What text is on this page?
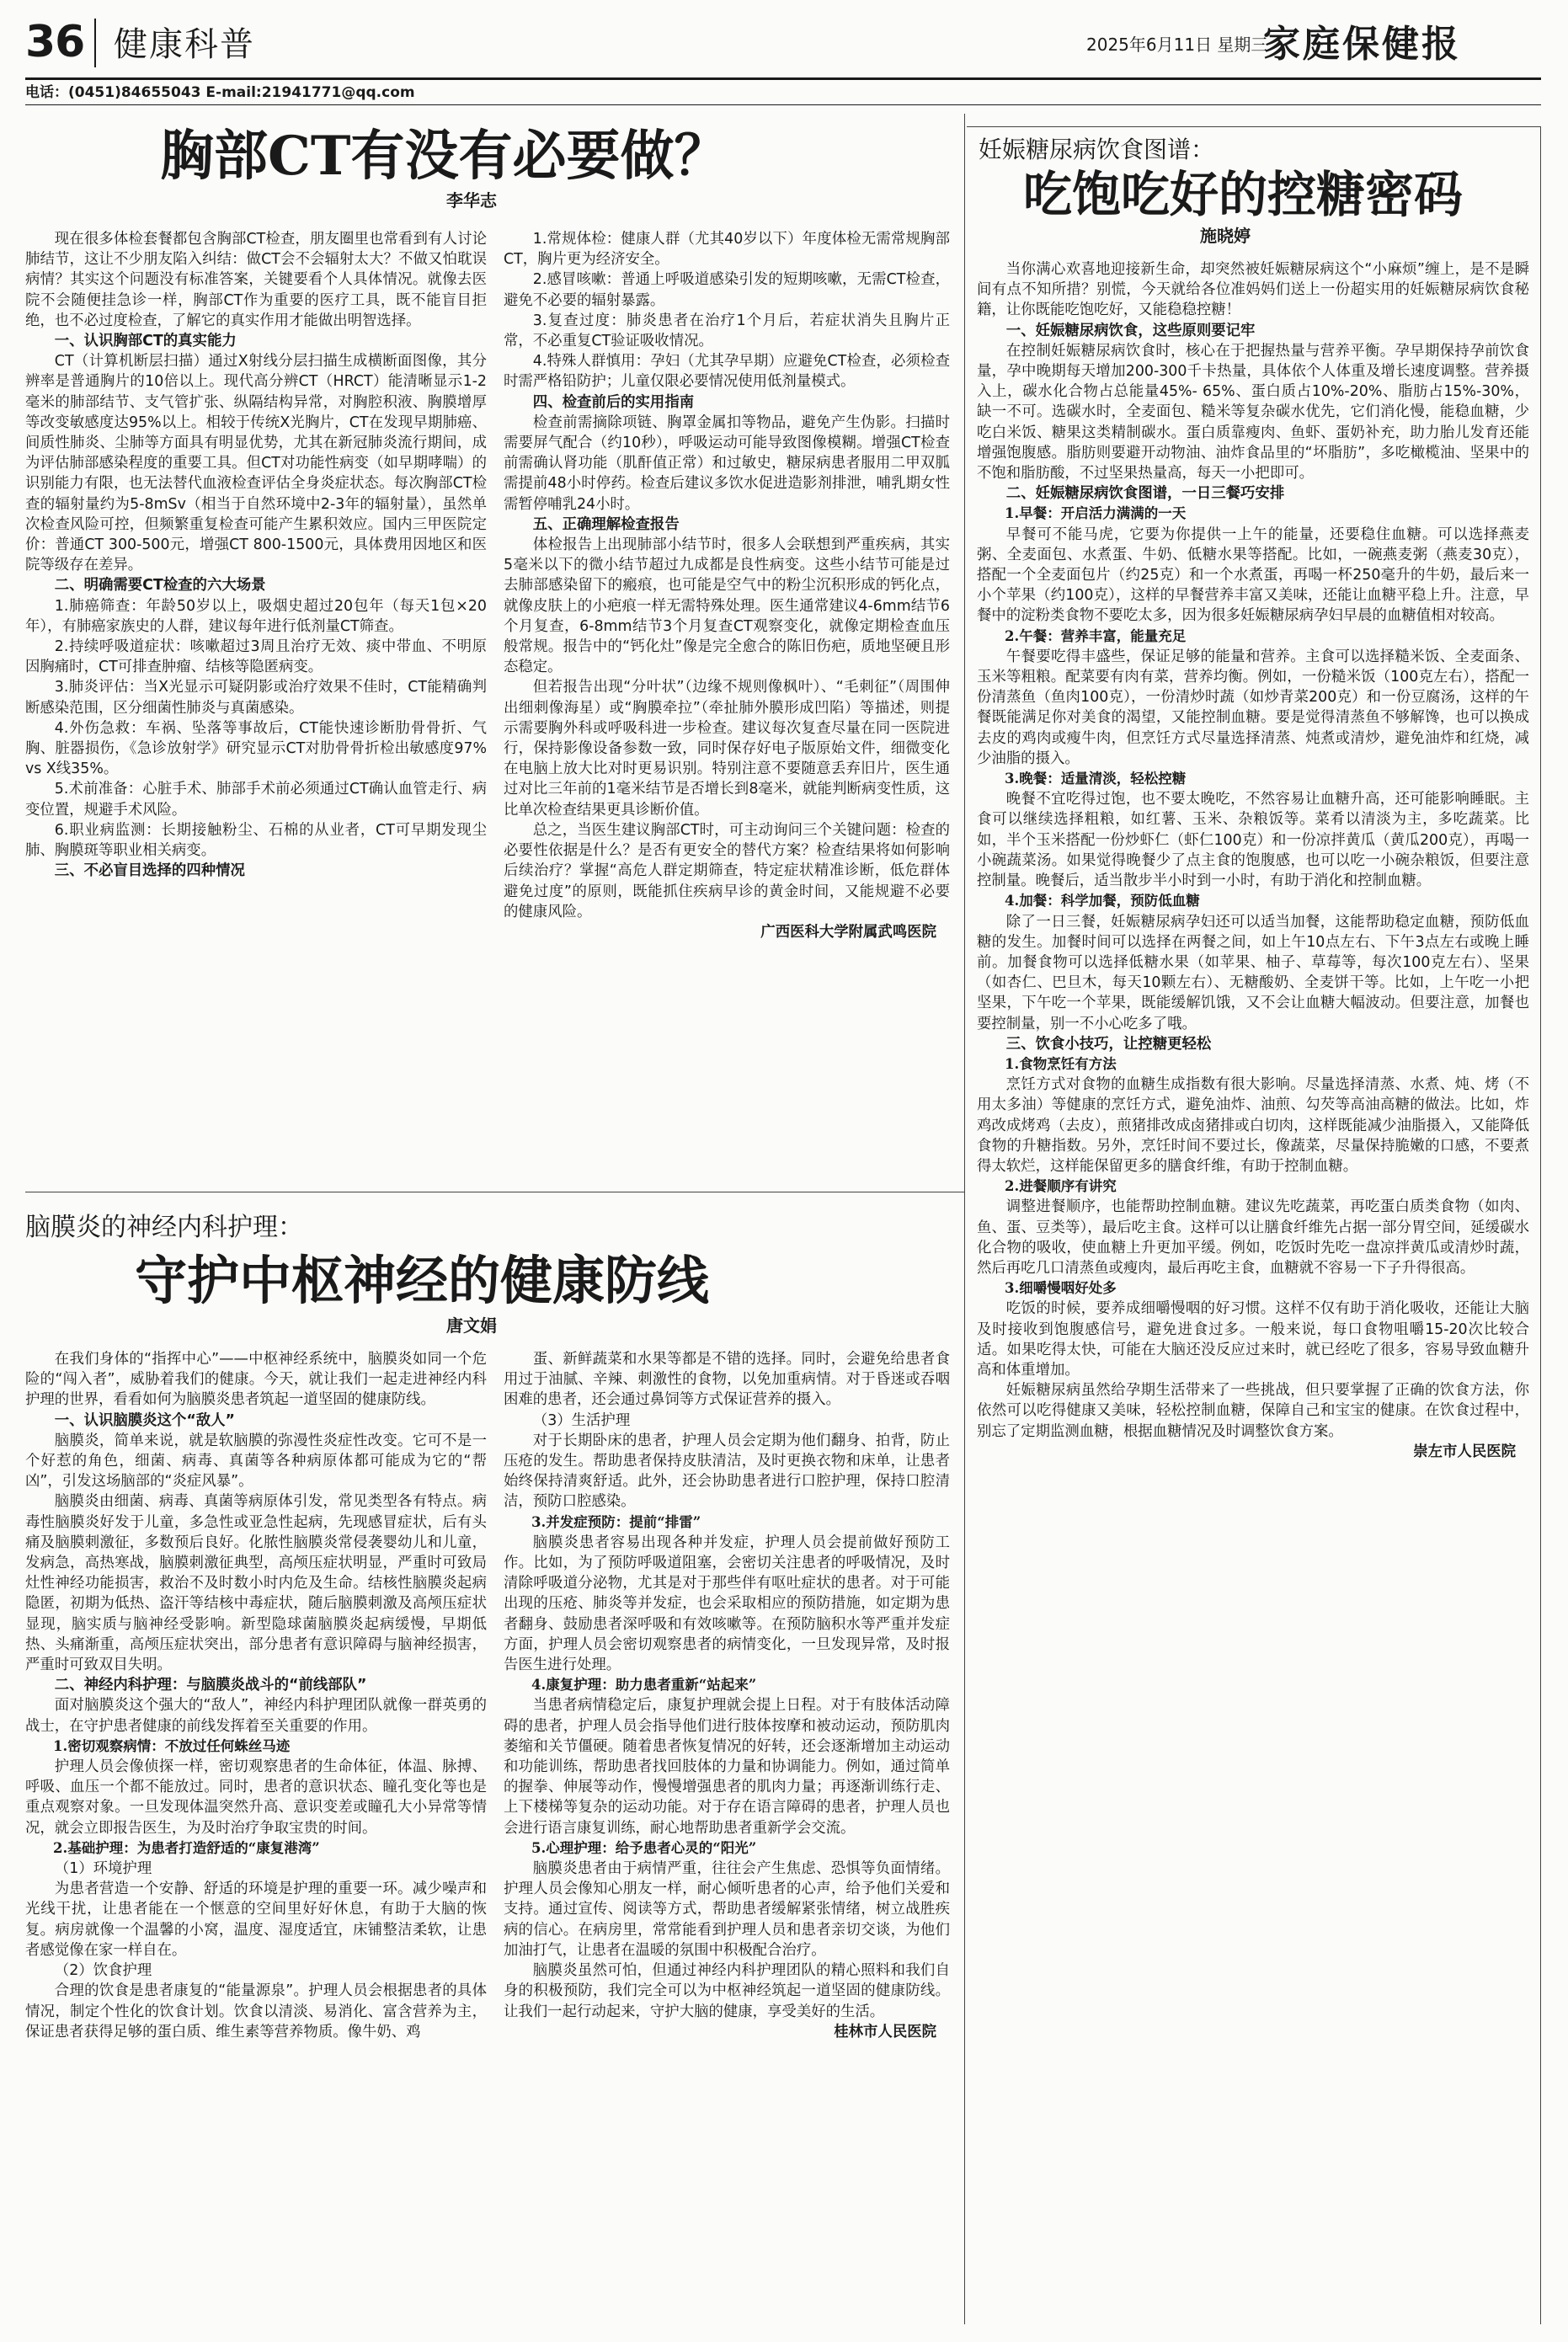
36 健康科普	2025年6月11日 星期三
家庭保健报
电话：(0451)84655043 E-mail:21941771@qq.com
胸部CT有没有必要做？
李华志

现在很多体检套餐都包含胸部CT检查，朋友圈里也常看到有人讨论肺结节，这让不少朋友陷入纠结：做CT会不会辐射太大？不做又怕耽误病情？其实这个问题没有标准答案，关键要看个人具体情况。就像去医院不会随便挂急诊一样，胸部CT作为重要的医疗工具，既不能盲目拒绝，也不必过度检查，了解它的真实作用才能做出明智选择。

一、认识胸部CT的真实能力

CT（计算机断层扫描）通过X射线分层扫描生成横断面图像，其分辨率是普通胸片的10倍以上。现代高分辨CT（HRCT）能清晰显示1-2毫米的肺部结节、支气管扩张、纵隔结构异常，对胸腔积液、胸膜增厚等改变敏感度达95%以上。相较于传统X光胸片，CT在发现早期肺癌、间质性肺炎、尘肺等方面具有明显优势，尤其在新冠肺炎流行期间，成为评估肺部感染程度的重要工具。但CT对功能性病变（如早期哮喘）的识别能力有限，也无法替代血液检查评估全身炎症状态。每次胸部CT检查的辐射量约为5-8mSv（相当于自然环境中2-3年的辐射量），虽然单次检查风险可控，但频繁重复检查可能产生累积效应。国内三甲医院定价：普通CT 300-500元，增强CT 800-1500元，具体费用因地区和医院等级存在差异。

二、明确需要CT检查的六大场景

1.肺癌筛查：年龄50岁以上，吸烟史超过20包年（每天1包×20年），有肺癌家族史的人群，建议每年进行低剂量CT筛查。

2.持续呼吸道症状：咳嗽超过3周且治疗无效、痰中带血、不明原因胸痛时，CT可排查肿瘤、结核等隐匿病变。

3.肺炎评估：当X光显示可疑阴影或治疗效果不佳时，CT能精确判断感染范围，区分细菌性肺炎与真菌感染。

4.外伤急救：车祸、坠落等事故后，CT能快速诊断肋骨骨折、气胸、脏器损伤，《急诊放射学》研究显示CT对肋骨骨折检出敏感度97% vs X线35%。

5.术前准备：心脏手术、肺部手术前必须通过CT确认血管走行、病变位置，规避手术风险。

6.职业病监测：长期接触粉尘、石棉的从业者，CT可早期发现尘肺、胸膜斑等职业相关病变。

三、不必盲目选择的四种情况

1.常规体检：健康人群（尤其40岁以下）年度体检无需常规胸部CT，胸片更为经济安全。

2.感冒咳嗽：普通上呼吸道感染引发的短期咳嗽，无需CT检查，避免不必要的辐射暴露。

3.复查过度：肺炎患者在治疗1个月后，若症状消失且胸片正常，不必重复CT验证吸收情况。

4.特殊人群慎用：孕妇（尤其孕早期）应避免CT检查，必须检查时需严格铅防护；儿童仅限必要情况使用低剂量模式。

四、检查前后的实用指南

检查前需摘除项链、胸罩金属扣等物品，避免产生伪影。扫描时需要屏气配合（约10秒），呼吸运动可能导致图像模糊。增强CT检查前需确认肾功能（肌酐值正常）和过敏史，糖尿病患者服用二甲双胍需提前48小时停药。检查后建议多饮水促进造影剂排泄，哺乳期女性需暂停哺乳24小时。

五、正确理解检查报告

体检报告上出现肺部小结节时，很多人会联想到严重疾病，其实5毫米以下的微小结节超过九成都是良性病变。这些小结节可能是过去肺部感染留下的瘢痕，也可能是空气中的粉尘沉积形成的钙化点，就像皮肤上的小疤痕一样无需特殊处理。医生通常建议4-6mm结节6个月复查，6-8mm结节3个月复查CT观察变化，就像定期检查血压般常规。报告中的“钙化灶”像是完全愈合的陈旧伤疤，质地坚硬且形态稳定。

但若报告出现“分叶状”（边缘不规则像枫叶）、“毛刺征”（周围伸出细刺像海星）或“胸膜牵拉”（牵扯肺外膜形成凹陷）等描述，则提示需要胸外科或呼吸科进一步检查。建议每次复查尽量在同一医院进行，保持影像设备参数一致，同时保存好电子版原始文件，细微变化在电脑上放大比对时更易识别。特别注意不要随意丢弃旧片，医生通过对比三年前的1毫米结节是否增长到8毫米，就能判断病变性质，这比单次检查结果更具诊断价值。

总之，当医生建议胸部CT时，可主动询问三个关键问题：检查的必要性依据是什么？是否有更安全的替代方案？检查结果将如何影响后续治疗？掌握“高危人群定期筛查，特定症状精准诊断，低危群体避免过度”的原则，既能抓住疾病早诊的黄金时间，又能规避不必要的健康风险。

广西医科大学附属武鸣医院

脑膜炎的神经内科护理：
守护中枢神经的健康防线
唐文娟

在我们身体的“指挥中心”——中枢神经系统中，脑膜炎如同一个危险的“闯入者”，威胁着我们的健康。今天，就让我们一起走进神经内科护理的世界，看看如何为脑膜炎患者筑起一道坚固的健康防线。

一、认识脑膜炎这个“敌人”

脑膜炎，简单来说，就是软脑膜的弥漫性炎症性改变。它可不是一个好惹的角色，细菌、病毒、真菌等各种病原体都可能成为它的“帮凶”，引发这场脑部的“炎症风暴”。

脑膜炎由细菌、病毒、真菌等病原体引发，常见类型各有特点。病毒性脑膜炎好发于儿童，多急性或亚急性起病，先现感冒症状，后有头痛及脑膜刺激征，多数预后良好。化脓性脑膜炎常侵袭婴幼儿和儿童，发病急，高热寒战，脑膜刺激征典型，高颅压症状明显，严重时可致局灶性神经功能损害，救治不及时数小时内危及生命。结核性脑膜炎起病隐匿，初期为低热、盗汗等结核中毒症状，随后脑膜刺激及高颅压症状显现，脑实质与脑神经受影响。新型隐球菌脑膜炎起病缓慢，早期低热、头痛渐重，高颅压症状突出，部分患者有意识障碍与脑神经损害，严重时可致双目失明。

二、神经内科护理：与脑膜炎战斗的“前线部队”

面对脑膜炎这个强大的“敌人”，神经内科护理团队就像一群英勇的战士，在守护患者健康的前线发挥着至关重要的作用。

1.密切观察病情：不放过任何蛛丝马迹

护理人员会像侦探一样，密切观察患者的生命体征，体温、脉搏、呼吸、血压一个都不能放过。同时，患者的意识状态、瞳孔变化等也是重点观察对象。一旦发现体温突然升高、意识变差或瞳孔大小异常等情况，就会立即报告医生，为及时治疗争取宝贵的时间。

2.基础护理：为患者打造舒适的“康复港湾”

（1）环境护理

为患者营造一个安静、舒适的环境是护理的重要一环。减少噪声和光线干扰，让患者能在一个惬意的空间里好好休息，有助于大脑的恢复。病房就像一个温馨的小窝，温度、湿度适宜，床铺整洁柔软，让患者感觉像在家一样自在。

（2）饮食护理

合理的饮食是患者康复的“能量源泉”。护理人员会根据患者的具体情况，制定个性化的饮食计划。饮食以清淡、易消化、富含营养为主，保证患者获得足够的蛋白质、维生素等营养物质。像牛奶、鸡

蛋、新鲜蔬菜和水果等都是不错的选择。同时，会避免给患者食用过于油腻、辛辣、刺激性的食物，以免加重病情。对于昏迷或吞咽困难的患者，还会通过鼻饲等方式保证营养的摄入。

（3）生活护理

对于长期卧床的患者，护理人员会定期为他们翻身、拍背，防止压疮的发生。帮助患者保持皮肤清洁，及时更换衣物和床单，让患者始终保持清爽舒适。此外，还会协助患者进行口腔护理，保持口腔清洁，预防口腔感染。

3.并发症预防：提前“排雷”

脑膜炎患者容易出现各种并发症，护理人员会提前做好预防工作。比如，为了预防呼吸道阻塞，会密切关注患者的呼吸情况，及时清除呼吸道分泌物，尤其是对于那些伴有呕吐症状的患者。对于可能出现的压疮、肺炎等并发症，也会采取相应的预防措施，如定期为患者翻身、鼓励患者深呼吸和有效咳嗽等。在预防脑积水等严重并发症方面，护理人员会密切观察患者的病情变化，一旦发现异常，及时报告医生进行处理。

4.康复护理：助力患者重新“站起来”

当患者病情稳定后，康复护理就会提上日程。对于有肢体活动障碍的患者，护理人员会指导他们进行肢体按摩和被动运动，预防肌肉萎缩和关节僵硬。随着患者恢复情况的好转，还会逐渐增加主动运动和功能训练，帮助患者找回肢体的力量和协调能力。例如，通过简单的握拳、伸展等动作，慢慢增强患者的肌肉力量；再逐渐训练行走、上下楼梯等复杂的运动功能。对于存在语言障碍的患者，护理人员也会进行语言康复训练，耐心地帮助患者重新学会交流。

5.心理护理：给予患者心灵的“阳光”

脑膜炎患者由于病情严重，往往会产生焦虑、恐惧等负面情绪。护理人员会像知心朋友一样，耐心倾听患者的心声，给予他们关爱和支持。通过宣传、阅读等方式，帮助患者缓解紧张情绪，树立战胜疾病的信心。在病房里，常常能看到护理人员和患者亲切交谈，为他们加油打气，让患者在温暖的氛围中积极配合治疗。

脑膜炎虽然可怕，但通过神经内科护理团队的精心照料和我们自身的积极预防，我们完全可以为中枢神经筑起一道坚固的健康防线。让我们一起行动起来，守护大脑的健康，享受美好的生活。

桂林市人民医院

妊娠糖尿病饮食图谱：
吃饱吃好的控糖密码
施晓婷

当你满心欢喜地迎接新生命，却突然被妊娠糖尿病这个“小麻烦”缠上，是不是瞬间有点不知所措？别慌，今天就给各位准妈妈们送上一份超实用的妊娠糖尿病饮食秘籍，让你既能吃饱吃好，又能稳稳控糖！

一、妊娠糖尿病饮食，这些原则要记牢

在控制妊娠糖尿病饮食时，核心在于把握热量与营养平衡。孕早期保持孕前饮食量，孕中晚期每天增加200-300千卡热量，具体依个人体重及增长速度调整。营养摄入上，碳水化合物占总能量45%- 65%、蛋白质占10%-20%、脂肪占15%-30%，缺一不可。选碳水时，全麦面包、糙米等复杂碳水优先，它们消化慢，能稳血糖，少吃白米饭、糖果这类精制碳水。蛋白质靠瘦肉、鱼虾、蛋奶补充，助力胎儿发育还能增强饱腹感。脂肪则要避开动物油、油炸食品里的“坏脂肪”，多吃橄榄油、坚果中的不饱和脂肪酸，不过坚果热量高，每天一小把即可。

二、妊娠糖尿病饮食图谱，一日三餐巧安排

1.早餐：开启活力满满的一天

早餐可不能马虎，它要为你提供一上午的能量，还要稳住血糖。可以选择燕麦粥、全麦面包、水煮蛋、牛奶、低糖水果等搭配。比如，一碗燕麦粥（燕麦30克），搭配一个全麦面包片（约25克）和一个水煮蛋，再喝一杯250毫升的牛奶，最后来一小个苹果（约100克），这样的早餐营养丰富又美味，还能让血糖平稳上升。注意，早餐中的淀粉类食物不要吃太多，因为很多妊娠糖尿病孕妇早晨的血糖值相对较高。

2.午餐：营养丰富，能量充足

午餐要吃得丰盛些，保证足够的能量和营养。主食可以选择糙米饭、全麦面条、玉米等粗粮。配菜要有肉有菜，营养均衡。例如，一份糙米饭（100克左右），搭配一份清蒸鱼（鱼肉100克），一份清炒时蔬（如炒青菜200克）和一份豆腐汤，这样的午餐既能满足你对美食的渴望，又能控制血糖。要是觉得清蒸鱼不够解馋，也可以换成去皮的鸡肉或瘦牛肉，但烹饪方式尽量选择清蒸、炖煮或清炒，避免油炸和红烧，减少油脂的摄入。

3.晚餐：适量清淡，轻松控糖

晚餐不宜吃得过饱，也不要太晚吃，不然容易让血糖升高，还可能影响睡眠。主食可以继续选择粗粮，如红薯、玉米、杂粮饭等。菜肴以清淡为主，多吃蔬菜。比如，半个玉米搭配一份炒虾仁（虾仁100克）和一份凉拌黄瓜（黄瓜200克），再喝一小碗蔬菜汤。如果觉得晚餐少了点主食的饱腹感，也可以吃一小碗杂粮饭，但要注意控制量。晚餐后，适当散步半小时到一小时，有助于消化和控制血糖。

4.加餐：科学加餐，预防低血糖

除了一日三餐，妊娠糖尿病孕妇还可以适当加餐，这能帮助稳定血糖，预防低血糖的发生。加餐时间可以选择在两餐之间，如上午10点左右、下午3点左右或晚上睡前。加餐食物可以选择低糖水果（如苹果、柚子、草莓等，每次100克左右）、坚果（如杏仁、巴旦木，每天10颗左右）、无糖酸奶、全麦饼干等。比如，上午吃一小把坚果，下午吃一个苹果，既能缓解饥饿，又不会让血糖大幅波动。但要注意，加餐也要控制量，别一不小心吃多了哦。

三、饮食小技巧，让控糖更轻松

1.食物烹饪有方法

烹饪方式对食物的血糖生成指数有很大影响。尽量选择清蒸、水煮、炖、烤（不用太多油）等健康的烹饪方式，避免油炸、油煎、勾芡等高油高糖的做法。比如，炸鸡改成烤鸡（去皮），煎猪排改成卤猪排或白切肉，这样既能减少油脂摄入，又能降低食物的升糖指数。另外，烹饪时间不要过长，像蔬菜，尽量保持脆嫩的口感，不要煮得太软烂，这样能保留更多的膳食纤维，有助于控制血糖。

2.进餐顺序有讲究

调整进餐顺序，也能帮助控制血糖。建议先吃蔬菜，再吃蛋白质类食物（如肉、鱼、蛋、豆类等），最后吃主食。这样可以让膳食纤维先占据一部分胃空间，延缓碳水化合物的吸收，使血糖上升更加平缓。例如，吃饭时先吃一盘凉拌黄瓜或清炒时蔬，然后再吃几口清蒸鱼或瘦肉，最后再吃主食，血糖就不容易一下子升得很高。

3.细嚼慢咽好处多

吃饭的时候，要养成细嚼慢咽的好习惯。这样不仅有助于消化吸收，还能让大脑及时接收到饱腹感信号，避免进食过多。一般来说，每口食物咀嚼15-20次比较合适。如果吃得太快，可能在大脑还没反应过来时，就已经吃了很多，容易导致血糖升高和体重增加。

妊娠糖尿病虽然给孕期生活带来了一些挑战，但只要掌握了正确的饮食方法，你依然可以吃得健康又美味，轻松控制血糖，保障自己和宝宝的健康。在饮食过程中，别忘了定期监测血糖，根据血糖情况及时调整饮食方案。

崇左市人民医院
